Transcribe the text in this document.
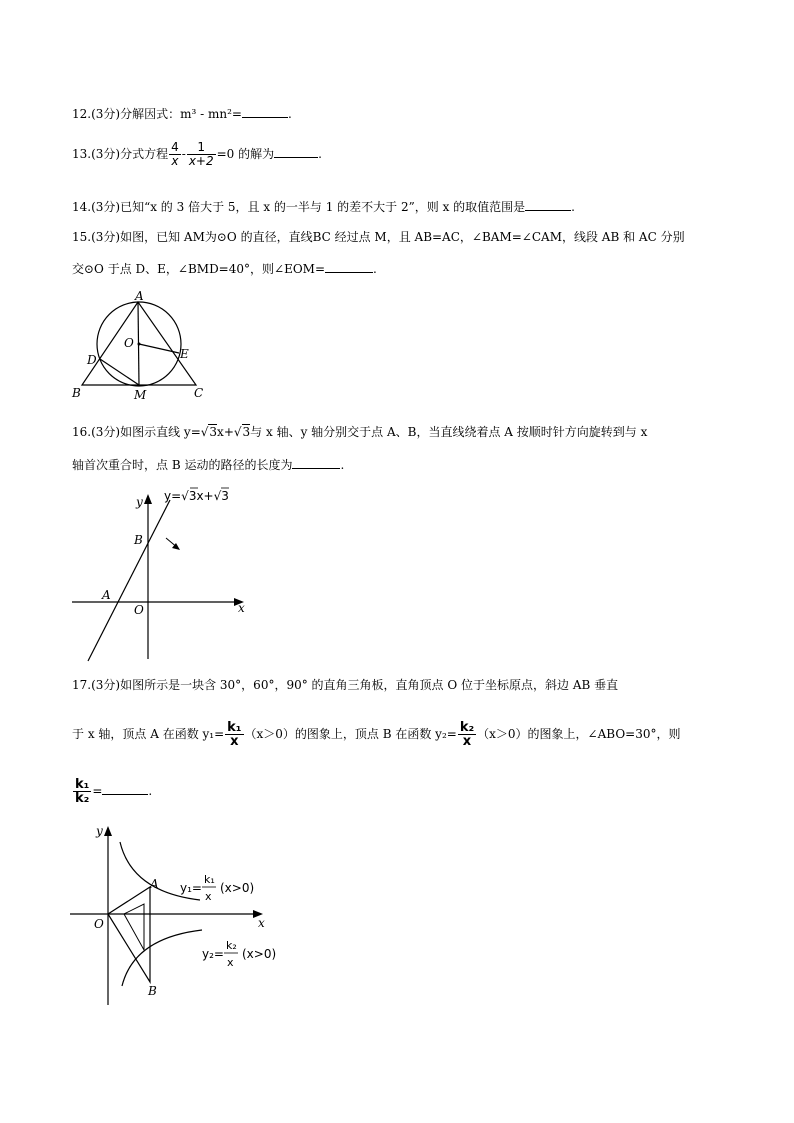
12.(3分)分解因式：m³ - mn²=	.
13.(3分)分式方程 $\frac{4}{x} - \frac{1}{x+2} =0$ 的解为	.
14.(3分)已知“x 的 3 倍大于 5，且 x 的一半与 1 的差不大于 2”，则 x 的取值范围是	.
15.(3分)如图，已知 AM为⊙O 的直径，直线BC 经过点 M，且 AB=AC，∠BAM=∠CAM，线段 AB 和 AC 分别
交⊙O 于点 D、E，∠BMD=40°，则∠EOM=	.
A
O
D	E
B	M	C
16.(3分)如图示直线 y=√3x+√3与 x 轴、y 轴分别交于点 A、B，当直线绕着点 A 按顺时针方向旋转到与 x
轴首次重合时，点 B 运动的路径的长度为	.
y y=√3x+√3
B
A
O	x
17.(3分)如图所示是一块含 30°，60°，90° 的直角三角板，直角顶点 O 位于坐标原点，斜边 AB 垂直
于 x 轴，顶点 A 在函数 $y_1= \frac{\text{k₁}}{x} (x>0)$的图象上，顶点 B 在函数 $y_2= \frac{\text{k₂}}{x} (x>0)$的图象上，∠ABO=30°，则
$\frac{\text{k₁}}{\text{k₂}}$ =	.
y
x
O
A
B
y₁=
k₁
x
(x>0)
y₂=
k₂
x
(x>0)
